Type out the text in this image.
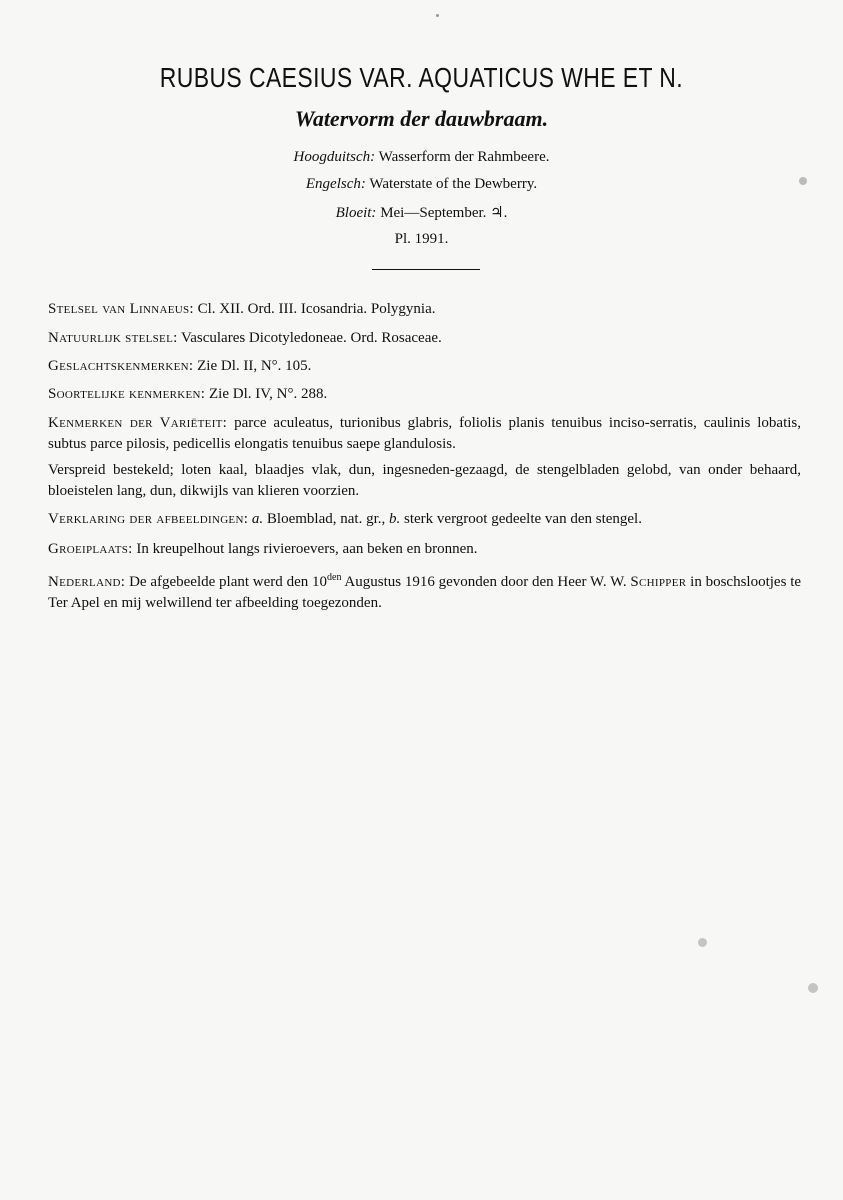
RUBUS CAESIUS VAR. AQUATICUS WHE ET N.
Watervorm der dauwbraam.
Hoogduitsch: Wasserform der Rahmbeere.
Engelsch: Waterstate of the Dewberry.
Bloeit: Mei—September. ♃.
Pl. 1991.
Stelsel van Linnaeus: Cl. XII. Ord. III. Icosandria. Polygynia.
Natuurlijk stelsel: Vasculares Dicotyledoneae. Ord. Rosaceae.
Geslachtskenmerken: Zie Dl. II, N°. 105.
Soortelijke kenmerken: Zie Dl. IV, N°. 288.
Kenmerken der Variëteit: parce aculeatus, turionibus glabris, foliolis planis tenuibus inciso-serratis, caulinis lobatis, subtus parce pilosis, pedicellis elongatis tenuibus saepe glandulosis.
Verspreid bestekeld; loten kaal, blaadjes vlak, dun, ingesneden-gezaagd, de stengelbladen gelobd, van onder behaard, bloeistelen lang, dun, dikwijls van klieren voorzien.
Verklaring der afbeeldingen: a. Bloemblad, nat. gr., b. sterk vergroot gedeelte van den stengel.
Groeiplaats: In kreupelhout langs rivieroevers, aan beken en bronnen.
Nederland: De afgebeelde plant werd den $10^{den}$ Augustus 1916 gevonden door den Heer W. W. Schipper in boschslootjes te Ter Apel en mij welwillend ter afbeelding toegezonden.
